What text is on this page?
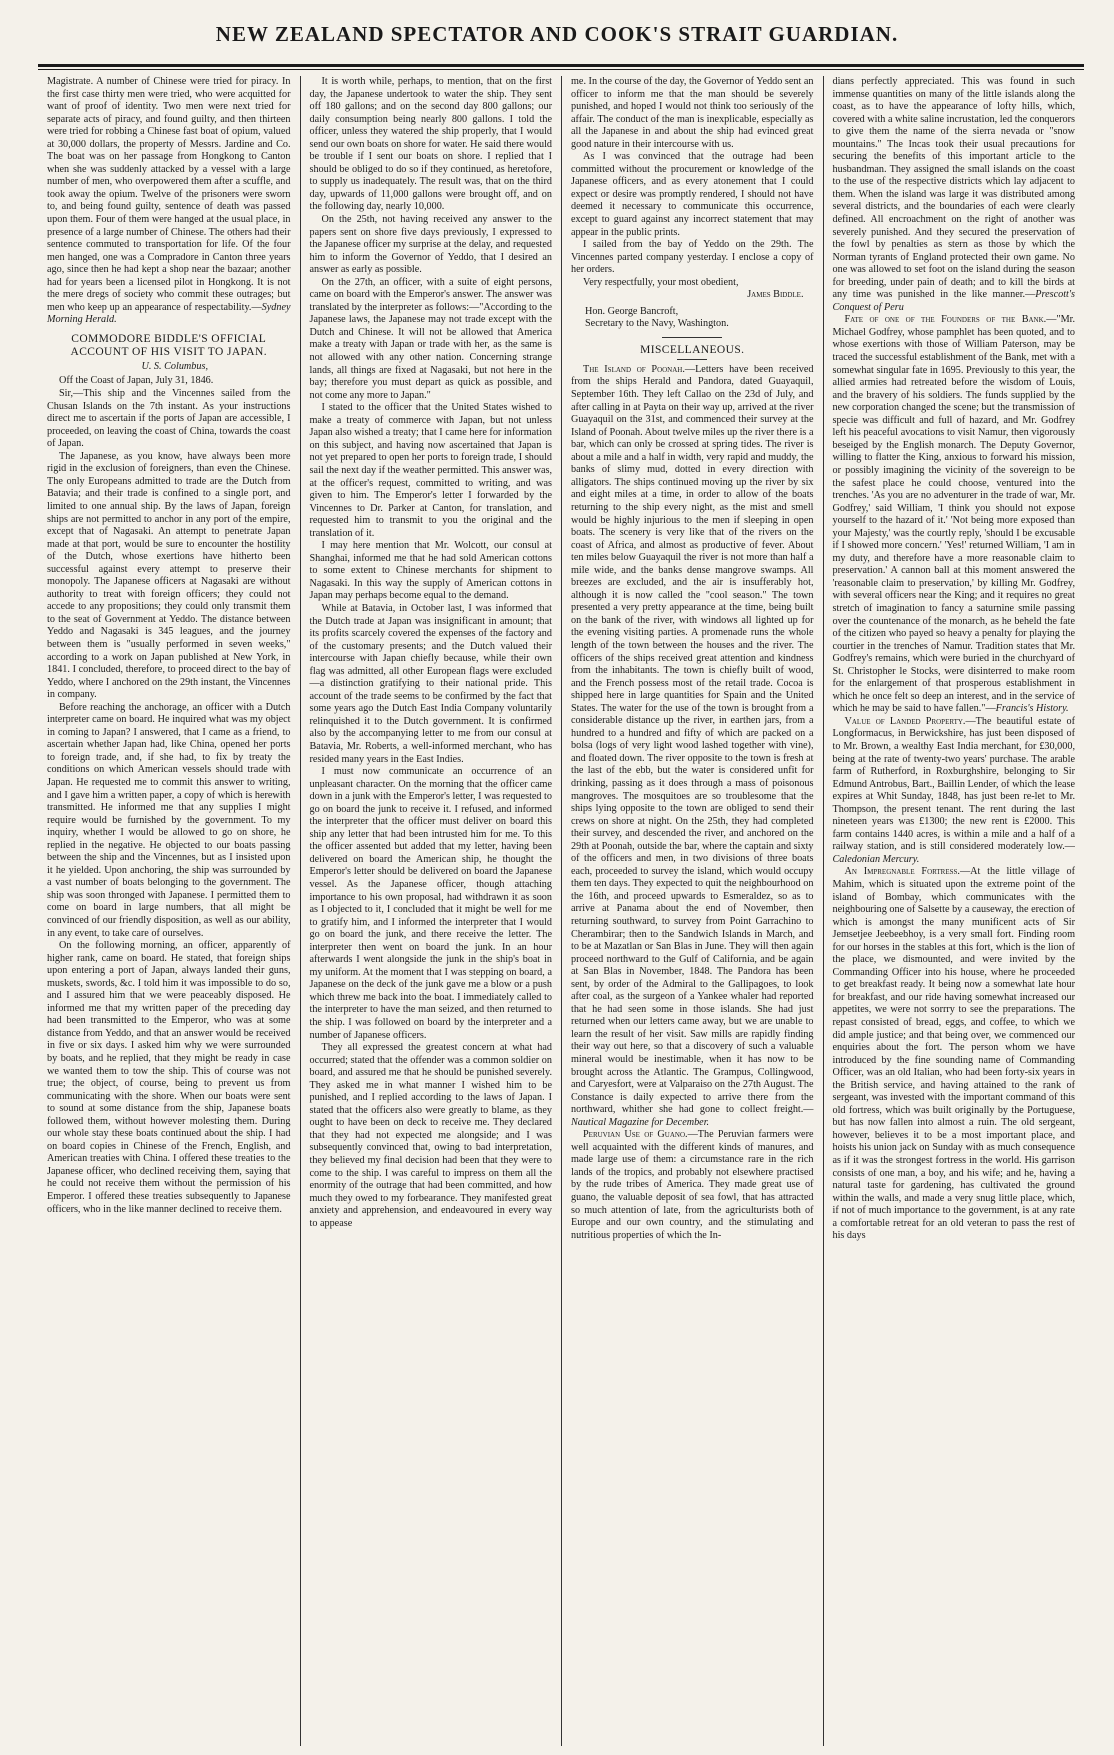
NEW ZEALAND SPECTATOR AND COOK'S STRAIT GUARDIAN.

Magistrate. A number of Chinese were tried for piracy. In the first case thirty men were tried, who were acquitted for want of proof of identity. Two men were next tried for separate acts of piracy, and found guilty, and then thirteen were tried for robbing a Chinese fast boat of opium, valued at 30,000 dollars, the property of Messrs. Jardine and Co. The boat was on her passage from Hongkong to Canton when she was suddenly attacked by a vessel with a large number of men, who overpowered them after a scuffle, and took away the opium. Twelve of the prisoners were sworn to, and being found guilty, sentence of death was passed upon them. Four of them were hanged at the usual place, in presence of a large number of Chinese. The others had their sentence commuted to transportation for life. Of the four men hanged, one was a Compradore in Canton three years ago, since then he had kept a shop near the bazaar; another had for years been a licensed pilot in Hongkong. It is not the mere dregs of society who commit these outrages; but men who keep up an appearance of respectability.—Sydney Morning Herald.

COMMODORE BIDDLE'S OFFICIAL ACCOUNT OF HIS VISIT TO JAPAN.

U. S. Columbus,

Off the Coast of Japan, July 31, 1846.

Sir,—This ship and the Vincennes sailed from the Chusan Islands on the 7th instant. As your instructions direct me to ascertain if the ports of Japan are accessible, I proceeded, on leaving the coast of China, towards the coast of Japan.

The Japanese, as you know, have always been more rigid in the exclusion of foreigners, than even the Chinese. The only Europeans admitted to trade are the Dutch from Batavia; and their trade is confined to a single port, and limited to one annual ship. By the laws of Japan, foreign ships are not permitted to anchor in any port of the empire, except that of Nagasaki. An attempt to penetrate Japan made at that port, would be sure to encounter the hostility of the Dutch, whose exertions have hitherto been successful against every attempt to preserve their monopoly. The Japanese officers at Nagasaki are without authority to treat with foreign officers; they could not accede to any propositions; they could only transmit them to the seat of Government at Yeddo. The distance between Yeddo and Nagasaki is 345 leagues, and the journey between them is "usually performed in seven weeks," according to a work on Japan published at New York, in 1841. I concluded, therefore, to proceed direct to the bay of Yeddo, where I anchored on the 29th instant, the Vincennes in company.

Before reaching the anchorage, an officer with a Dutch interpreter came on board. He inquired what was my object in coming to Japan? I answered, that I came as a friend, to ascertain whether Japan had, like China, opened her ports to foreign trade, and, if she had, to fix by treaty the conditions on which American vessels should trade with Japan. He requested me to commit this answer to writing, and I gave him a written paper, a copy of which is herewith transmitted. He informed me that any supplies I might require would be furnished by the government. To my inquiry, whether I would be allowed to go on shore, he replied in the negative. He objected to our boats passing between the ship and the Vincennes, but as I insisted upon it he yielded. Upon anchoring, the ship was surrounded by a vast number of boats belonging to the government. The ship was soon thronged with Japanese. I permitted them to come on board in large numbers, that all might be convinced of our friendly disposition, as well as our ability, in any event, to take care of ourselves.

On the following morning, an officer, apparently of higher rank, came on board. He stated, that foreign ships upon entering a port of Japan, always landed their guns, muskets, swords, &c. I told him it was impossible to do so, and I assured him that we were peaceably disposed. He informed me that my written paper of the preceding day had been transmitted to the Emperor, who was at some distance from Yeddo, and that an answer would be received in five or six days. I asked him why we were surrounded by boats, and he replied, that they might be ready in case we wanted them to tow the ship. This of course was not true; the object, of course, being to prevent us from communicating with the shore. When our boats were sent to sound at some distance from the ship, Japanese boats followed them, without however molesting them. During our whole stay these boats continued about the ship. I had on board copies in Chinese of the French, English, and American treaties with China. I offered these treaties to the Japanese officer, who declined receiving them, saying that he could not receive them without the permission of his Emperor. I offered these treaties subsequently to Japanese officers, who in the like manner declined to receive them.

It is worth while, perhaps, to mention, that on the first day, the Japanese undertook to water the ship. They sent off 180 gallons; and on the second day 800 gallons; our daily consumption being nearly 800 gallons. I told the officer, unless they watered the ship properly, that I would send our own boats on shore for water. He said there would be trouble if I sent our boats on shore. I replied that I should be obliged to do so if they continued, as heretofore, to supply us inadequately. The result was, that on the third day, upwards of 11,000 gallons were brought off, and on the following day, nearly 10,000.

On the 25th, not having received any answer to the papers sent on shore five days previously, I expressed to the Japanese officer my surprise at the delay, and requested him to inform the Governor of Yeddo, that I desired an answer as early as possible.

On the 27th, an officer, with a suite of eight persons, came on board with the Emperor's answer. The answer was translated by the interpreter as follows:—"According to the Japanese laws, the Japanese may not trade except with the Dutch and Chinese. It will not be allowed that America make a treaty with Japan or trade with her, as the same is not allowed with any other nation. Concerning strange lands, all things are fixed at Nagasaki, but not here in the bay; therefore you must depart as quick as possible, and not come any more to Japan."

I stated to the officer that the United States wished to make a treaty of commerce with Japan, but not unless Japan also wished a treaty; that I came here for information on this subject, and having now ascertained that Japan is not yet prepared to open her ports to foreign trade, I should sail the next day if the weather permitted. This answer was, at the officer's request, committed to writing, and was given to him. The Emperor's letter I forwarded by the Vincennes to Dr. Parker at Canton, for translation, and requested him to transmit to you the original and the translation of it.

I may here mention that Mr. Wolcott, our consul at Shanghai, informed me that he had sold American cottons to some extent to Chinese merchants for shipment to Nagasaki. In this way the supply of American cottons in Japan may perhaps become equal to the demand.

While at Batavia, in October last, I was informed that the Dutch trade at Japan was insignificant in amount; that its profits scarcely covered the expenses of the factory and of the customary presents; and the Dutch valued their intercourse with Japan chiefly because, while their own flag was admitted, all other European flags were excluded—a distinction gratifying to their national pride. This account of the trade seems to be confirmed by the fact that some years ago the Dutch East India Company voluntarily relinquished it to the Dutch government. It is confirmed also by the accompanying letter to me from our consul at Batavia, Mr. Roberts, a well-informed merchant, who has resided many years in the East Indies.

I must now communicate an occurrence of an unpleasant character. On the morning that the officer came down in a junk with the Emperor's letter, I was requested to go on board the junk to receive it. I refused, and informed the interpreter that the officer must deliver on board this ship any letter that had been intrusted him for me. To this the officer assented but added that my letter, having been delivered on board the American ship, he thought the Emperor's letter should be delivered on board the Japanese vessel. As the Japanese officer, though attaching importance to his own proposal, had withdrawn it as soon as I objected to it, I concluded that it might be well for me to gratify him, and I informed the interpreter that I would go on board the junk, and there receive the letter. The interpreter then went on board the junk. In an hour afterwards I went alongside the junk in the ship's boat in my uniform. At the moment that I was stepping on board, a Japanese on the deck of the junk gave me a blow or a push which threw me back into the boat. I immediately called to the interpreter to have the man seized, and then returned to the ship. I was followed on board by the interpreter and a number of Japanese officers.

They all expressed the greatest concern at what had occurred; stated that the offender was a common soldier on board, and assured me that he should be punished severely. They asked me in what manner I wished him to be punished, and I replied according to the laws of Japan. I stated that the officers also were greatly to blame, as they ought to have been on deck to receive me. They declared that they had not expected me alongside; and I was subsequently convinced that, owing to bad interpretation, they believed my final decision had been that they were to come to the ship. I was careful to impress on them all the enormity of the outrage that had been committed, and how much they owed to my forbearance. They manifested great anxiety and apprehension, and endeavoured in every way to appease

me. In the course of the day, the Governor of Yeddo sent an officer to inform me that the man should be severely punished, and hoped I would not think too seriously of the affair. The conduct of the man is inexplicable, especially as all the Japanese in and about the ship had evinced great good nature in their intercourse with us.

As I was convinced that the outrage had been committed without the procurement or knowledge of the Japanese officers, and as every atonement that I could expect or desire was promptly rendered, I should not have deemed it necessary to communicate this occurrence, except to guard against any incorrect statement that may appear in the public prints.

I sailed from the bay of Yeddo on the 29th. The Vincennes parted company yesterday. I enclose a copy of her orders.

Very respectfully, your most obedient,

James Biddle.

Hon. George Bancroft,

Secretary to the Navy, Washington.

MISCELLANEOUS.

The Island of Poonah.—Letters have been received from the ships Herald and Pandora, dated Guayaquil, September 16th. They left Callao on the 23d of July, and after calling in at Payta on their way up, arrived at the river Guayaquil on the 31st, and commenced their survey at the Island of Poonah. About twelve miles up the river there is a bar, which can only be crossed at spring tides. The river is about a mile and a half in width, very rapid and muddy, the banks of slimy mud, dotted in every direction with alligators. The ships continued moving up the river by six and eight miles at a time, in order to allow of the boats returning to the ship every night, as the mist and smell would be highly injurious to the men if sleeping in open boats. The scenery is very like that of the rivers on the coast of Africa, and almost as productive of fever. About ten miles below Guayaquil the river is not more than half a mile wide, and the banks dense mangrove swamps. All breezes are excluded, and the air is insufferably hot, although it is now called the "cool season." The town presented a very pretty appearance at the time, being built on the bank of the river, with windows all lighted up for the evening visiting parties. A promenade runs the whole length of the town between the houses and the river. The officers of the ships received great attention and kindness from the inhabitants. The town is chiefly built of wood, and the French possess most of the retail trade. Cocoa is shipped here in large quantities for Spain and the United States. The water for the use of the town is brought from a considerable distance up the river, in earthen jars, from a hundred to a hundred and fifty of which are packed on a bolsa (logs of very light wood lashed together with vine), and floated down. The river opposite to the town is fresh at the last of the ebb, but the water is considered unfit for drinking, passing as it does through a mass of poisonous mangroves. The mosquitoes are so troublesome that the ships lying opposite to the town are obliged to send their crews on shore at night. On the 25th, they had completed their survey, and descended the river, and anchored on the 29th at Poonah, outside the bar, where the captain and sixty of the officers and men, in two divisions of three boats each, proceeded to survey the island, which would occupy them ten days. They expected to quit the neighbourhood on the 16th, and proceed upwards to Esmeraldez, so as to arrive at Panama about the end of November, then returning southward, to survey from Point Garrachino to Cherambirar; then to the Sandwich Islands in March, and to be at Mazatlan or San Blas in June. They will then again proceed northward to the Gulf of California, and be again at San Blas in November, 1848. The Pandora has been sent, by order of the Admiral to the Gallipagoes, to look after coal, as the surgeon of a Yankee whaler had reported that he had seen some in those islands. She had just returned when our letters came away, but we are unable to learn the result of her visit. Saw mills are rapidly finding their way out here, so that a discovery of such a valuable mineral would be inestimable, when it has now to be brought across the Atlantic. The Grampus, Collingwood, and Caryesfort, were at Valparaiso on the 27th August. The Constance is daily expected to arrive there from the northward, whither she had gone to collect freight.—Nautical Magazine for December.

Peruvian Use of Guano.—The Peruvian farmers were well acquainted with the different kinds of manures, and made large use of them: a circumstance rare in the rich lands of the tropics, and probably not elsewhere practised by the rude tribes of America. They made great use of guano, the valuable deposit of sea fowl, that has attracted so much attention of late, from the agriculturists both of Europe and our own country, and the stimulating and nutritious properties of which the In-

dians perfectly appreciated. This was found in such immense quantities on many of the little islands along the coast, as to have the appearance of lofty hills, which, covered with a white saline incrustation, led the conquerors to give them the name of the sierra nevada or "snow mountains." The Incas took their usual precautions for securing the benefits of this important article to the husbandman. They assigned the small islands on the coast to the use of the respective districts which lay adjacent to them. When the island was large it was distributed among several districts, and the boundaries of each were clearly defined. All encroachment on the right of another was severely punished. And they secured the preservation of the fowl by penalties as stern as those by which the Norman tyrants of England protected their own game. No one was allowed to set foot on the island during the season for breeding, under pain of death; and to kill the birds at any time was punished in the like manner.—Prescott's Conquest of Peru

Fate of one of the Founders of the Bank.—"Mr. Michael Godfrey, whose pamphlet has been quoted, and to whose exertions with those of William Paterson, may be traced the successful establishment of the Bank, met with a somewhat singular fate in 1695. Previously to this year, the allied armies had retreated before the wisdom of Louis, and the bravery of his soldiers. The funds supplied by the new corporation changed the scene; but the transmission of specie was difficult and full of hazard, and Mr. Godfrey left his peaceful avocations to visit Namur, then vigorously beseiged by the English monarch. The Deputy Governor, willing to flatter the King, anxious to forward his mission, or possibly imagining the vicinity of the sovereign to be the safest place he could choose, ventured into the trenches. 'As you are no adventurer in the trade of war, Mr. Godfrey,' said William, 'I think you should not expose yourself to the hazard of it.' 'Not being more exposed than your Majesty,' was the courtly reply, 'should I be excusable if I showed more concern.' 'Yes!' returned William, 'I am in my duty, and therefore have a more reasonable claim to preservation.' A cannon ball at this moment answered the 'reasonable claim to preservation,' by killing Mr. Godfrey, with several officers near the King; and it requires no great stretch of imagination to fancy a saturnine smile passing over the countenance of the monarch, as he beheld the fate of the citizen who payed so heavy a penalty for playing the courtier in the trenches of Namur. Tradition states that Mr. Godfrey's remains, which were buried in the churchyard of St. Christopher le Stocks, were disinterred to make room for the enlargement of that prosperous establishment in which he once felt so deep an interest, and in the service of which he may be said to have fallen."—Francis's History.

Value of Landed Property.—The beautiful estate of Longformacus, in Berwickshire, has just been disposed of to Mr. Brown, a wealthy East India merchant, for £30,000, being at the rate of twenty-two years' purchase. The arable farm of Rutherford, in Roxburghshire, belonging to Sir Edmund Antrobus, Bart., Baillin Lender, of which the lease expires at Whit Sunday, 1848, has just been re-let to Mr. Thompson, the present tenant. The rent during the last nineteen years was £1300; the new rent is £2000. This farm contains 1440 acres, is within a mile and a half of a railway station, and is still considered moderately low.—Caledonian Mercury.

An Impregnable Fortress.—At the little village of Mahim, which is situated upon the extreme point of the island of Bombay, which communicates with the neighbouring one of Salsette by a causeway, the erection of which is amongst the many munificent acts of Sir Jemsetjee Jeebeebhoy, is a very small fort. Finding room for our horses in the stables at this fort, which is the lion of the place, we dismounted, and were invited by the Commanding Officer into his house, where he proceeded to get breakfast ready. It being now a somewhat late hour for breakfast, and our ride having somewhat increased our appetites, we were not sorrry to see the preparations. The repast consisted of bread, eggs, and coffee, to which we did ample justice; and that being over, we commenced our enquiries about the fort. The person whom we have introduced by the fine sounding name of Commanding Officer, was an old Italian, who had been forty-six years in the British service, and having attained to the rank of sergeant, was invested with the important command of this old fortress, which was built originally by the Portuguese, but has now fallen into almost a ruin. The old sergeant, however, believes it to be a most important place, and hoists his union jack on Sunday with as much consequence as if it was the strongest fortress in the world. His garrison consists of one man, a boy, and his wife; and he, having a natural taste for gardening, has cultivated the ground within the walls, and made a very snug little place, which, if not of much importance to the government, is at any rate a comfortable retreat for an old veteran to pass the rest of his days
